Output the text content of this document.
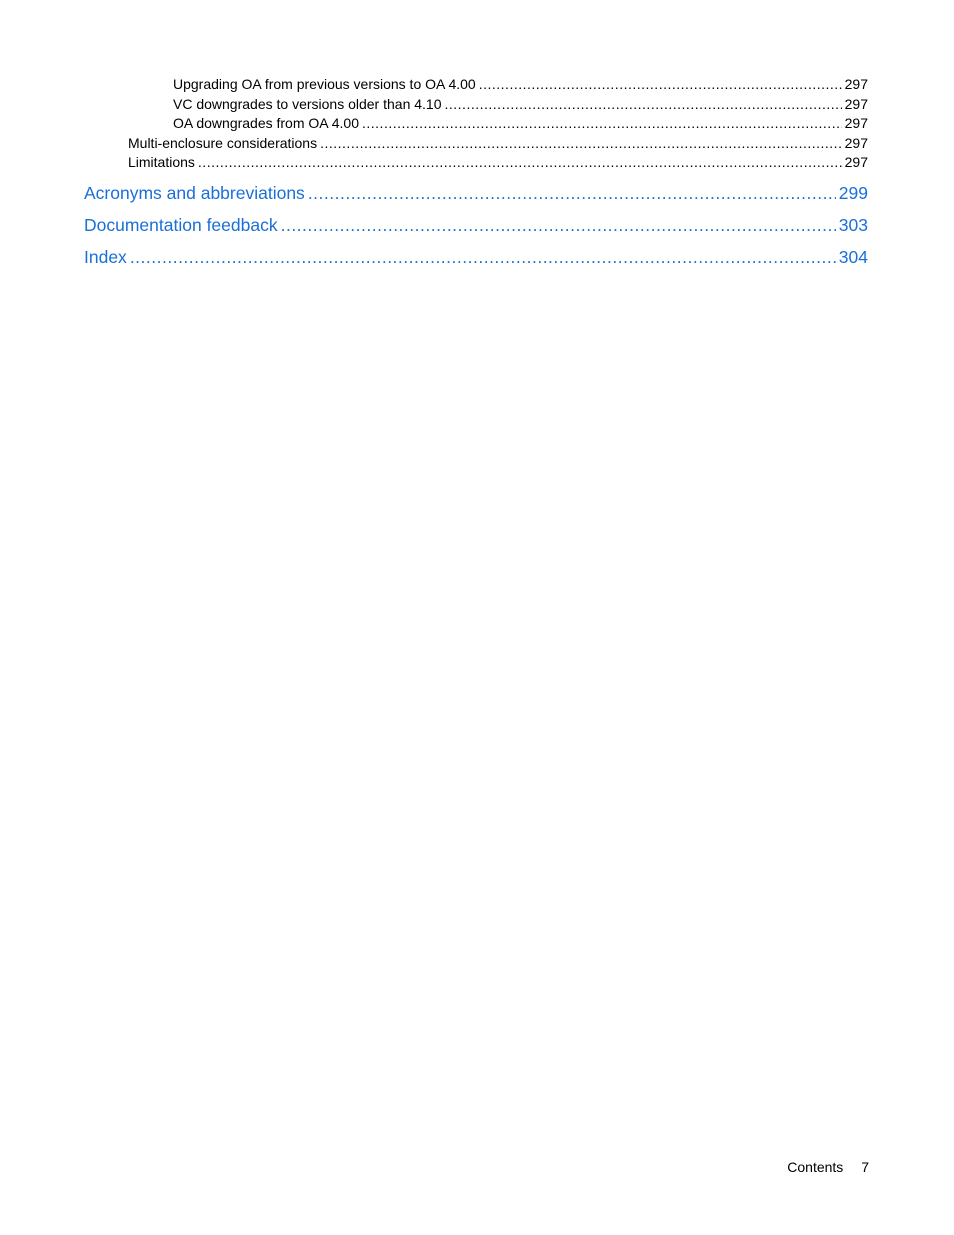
Upgrading OA from previous versions to OA 4.00 .....	297
VC downgrades to versions older than 4.10 .....	297
OA downgrades from OA 4.00 .....	297
Multi-enclosure considerations .....	297
Limitations .....	297
Acronyms and abbreviations .....	299
Documentation feedback .....	303
Index .....	304
Contents 7
